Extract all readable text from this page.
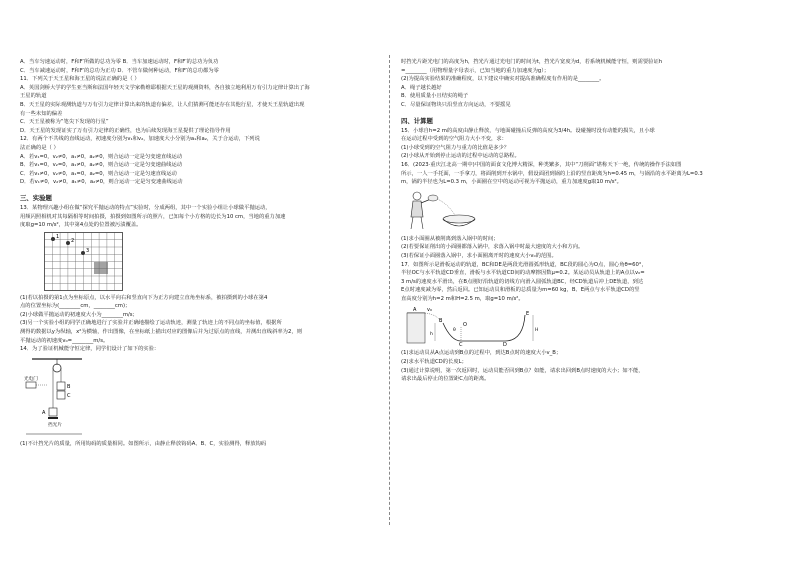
A．当车匀速运动时，F和F′所做的总功为零 B．当车加速运动时，F和F′的总功为负功
C．当车减速运动时，F和F′的总功为正功 D．不管车做何种运动，F和F′的总功都为零
11．下列关于天王星和海王星的说法正确的是（ ）
A．英国剑桥大学的学生亚当斯和法国年轻天文学家勒维耶根据天王星的观测资料，各自独立地利用万有引力定律计算出了海
王星的轨道
B．天王星的实际观测轨道与万有引力定律计算出来的轨道有偏差，让人们猜测可能还存在其他行星，才使天王星轨道出现
有一些未知的偏差
C．天王星被称为“笔尖下发现的行星”
D．天王星的发现证实了万有引力定律的正确性，也为后续发现海王星提供了理论指导作用
12．有两个不共线的直线运动，初速度分别为v₁和v₂，加速度大小分别为a₁和a₂，关于合运动，下列说
法正确的是（ ）
A．若v₁=0，v₂≠0，a₁≠0，a₂≠0，则合运动一定是匀变速直线运动
B．若v₁=0，v₂=0，a₁≠0，a₂≠0，则合运动一定是匀变速曲线运动
C．若v₁≠0，v₂≠0，a₁=0，a₂=0，则合运动一定是匀速直线运动
D．若v₁≠0，v₂≠0，a₁≠0，a₂≠0，则合运动一定是匀变速曲线运动
三、实验题
13．某物理兴趣小组在做“探究平抛运动的特点”实验时，分成两组，其中一个实验小组让小球做平抛运动，
用频闪照相机对其每隔相等时间拍摄，拍摄到如图所示的照片，已知每个小方格的边长为10 cm，当地的重力加速
度取g=10 m/s²，其中第4点处的位置被污渍覆盖。
1
2
3
(1)若以拍摄的第1点为坐标原点，以水平向右和竖直向下为正方向建立直角坐标系，被拍摄到的小球在第4
点的位置坐标为(________cm，________cm)；
(2)小球做平抛运动的初速度大小为________m/s；
(3)另一个实验小组的同学正确地进行了实验并正确地描绘了运动轨迹，测量了轨迹上的不同点的坐标值，根据所
测得的数据以y为纵轴，x²为横轴，作出图像，在坐标纸上描出对应的图像后并为过原点的直线，并测出直线斜率为2，则
平抛运动的初速度v₀=________m/s。
14．为了验证机械能守恒定律，同学们设计了如下的实验：
B
C
A
光电门
挡光片
(1)不计挡光片的质量，所用钩码的质量相同。如图所示，由静止释放钩码A、B、C，实验测得，释放钩码
时挡光片距光电门的高度为h，挡光片通过光电门的时间为t，挡光片宽度为d，若系统机械能守恒，则需要验证h
=________（用物理量字母表示，已知当地的重力加速度为g）；
(2)为提高实验结果的准确程度，以下建议中确实对提高准确程度有作用的是________。
A．绳子越长越好
B．使用质量小且结实的绳子
C．尽量保证物块只沿竖直方向运动，不要摇晃
四、计算题
15．小球自h=2 m的高度由静止释放，与地面碰撞后反弹的高度为3/4h。设碰撞时没有动能的损失，且小球
在运动过程中受到的空气阻力大小不变，求：
(1)小球受到的空气阻力与重力的比值是多少？
(2)小球从开始到停止运动的过程中运动的总路程。
16．(2023·重庆江北高一期中)中国的面食文化博大精深，种类繁多，其中“刀削面”堪称天下一绝，传统的操作手法如图
所示，一人一手托面，一手拿刀，将面削到开水锅中，假设面团到锅的上沿的竖直距离为h=0.45 m，与锅沿的水平距离为L=0.3
m，锅的半径也为L=0.3 m，小面圈在空中的运动可视为平抛运动，重力加速度g取10 m/s²。
(1)求小面圈从被削离到落入锅中的时间；
(2)若要保证削出的小面圈都落入锅中，求落入锅中时最大速度的大小和方向。
(3)若保证小面圈落入锅中，求小面圈离开时的速度大小v₀的范围。
17．如图所示是滑板运动的轨道，BC和DE是两段光滑圆弧形轨道，BC段的圆心为O点，圆心角θ=60°，
半径OC与水平轨道CD垂直，滑板与水平轨道CD间的动摩擦因数μ=0.2。某运动员从轨道上的A点以v₀=
3 m/s的速度水平滑出，在B点刚好沿轨道的切线方向滑入圆弧轨道BC，经CD轨道后冲上DE轨道，到达
E点时速度减为零，然后返回。已知运动员和滑板的总质量为m=60 kg，B、E两点与水平轨道CD的竖
直高度分别为h=2 m和H=2.5 m，取g=10 m/s²。
A v₀
B
O
θ
C	D
E
h
H
(1)求运动员从A点运动到B点的过程中，到达B点时的速度大小v_B；
(2)求水平轨道CD的长度L；
(3)通过计算说明，第一次返回时，运动员能否回到B点？如能，请求出回到B点时速度的大小；如不能，
请求出最后停止的位置距C点的距离。
